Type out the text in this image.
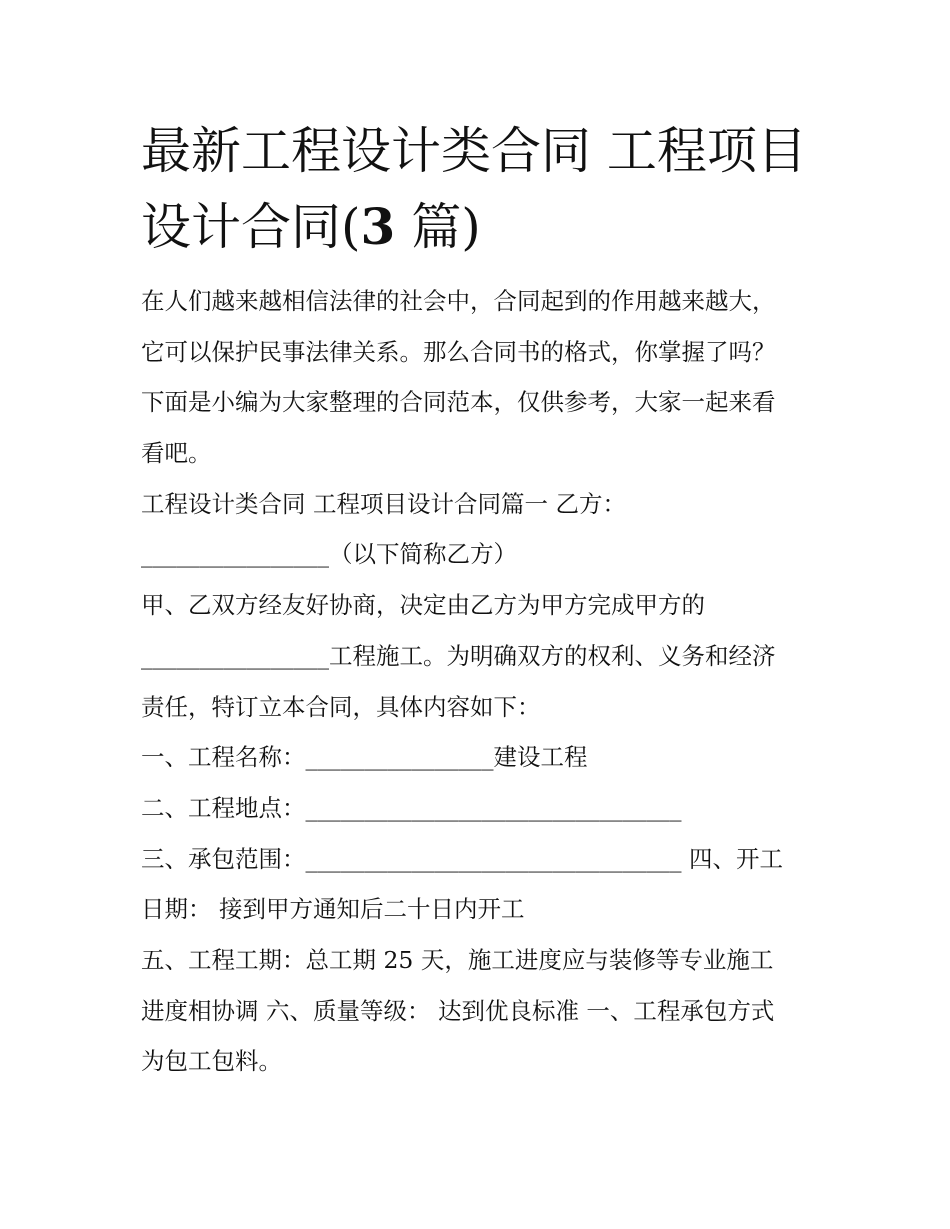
最新工程设计类合同 工程项目
设计合同(3 篇)
在人们越来越相信法律的社会中，合同起到的作用越来越大，
它可以保护民事法律关系。那么合同书的格式，你掌握了吗？
下面是小编为大家整理的合同范本，仅供参考，大家一起来看
看吧。
工程设计类合同 工程项目设计合同篇一 乙方：
________________（以下简称乙方）
甲、乙双方经友好协商，决定由乙方为甲方完成甲方的
________________工程施工。为明确双方的权利、义务和经济
责任，特订立本合同，具体内容如下：
一、工程名称：________________建设工程
二、工程地点：________________________________
三、承包范围：________________________________ 四、开工
日期： 接到甲方通知后二十日内开工
五、工程工期：总工期 25 天，施工进度应与装修等专业施工
进度相协调 六、质量等级： 达到优良标准 一、工程承包方式
为包工包料。
